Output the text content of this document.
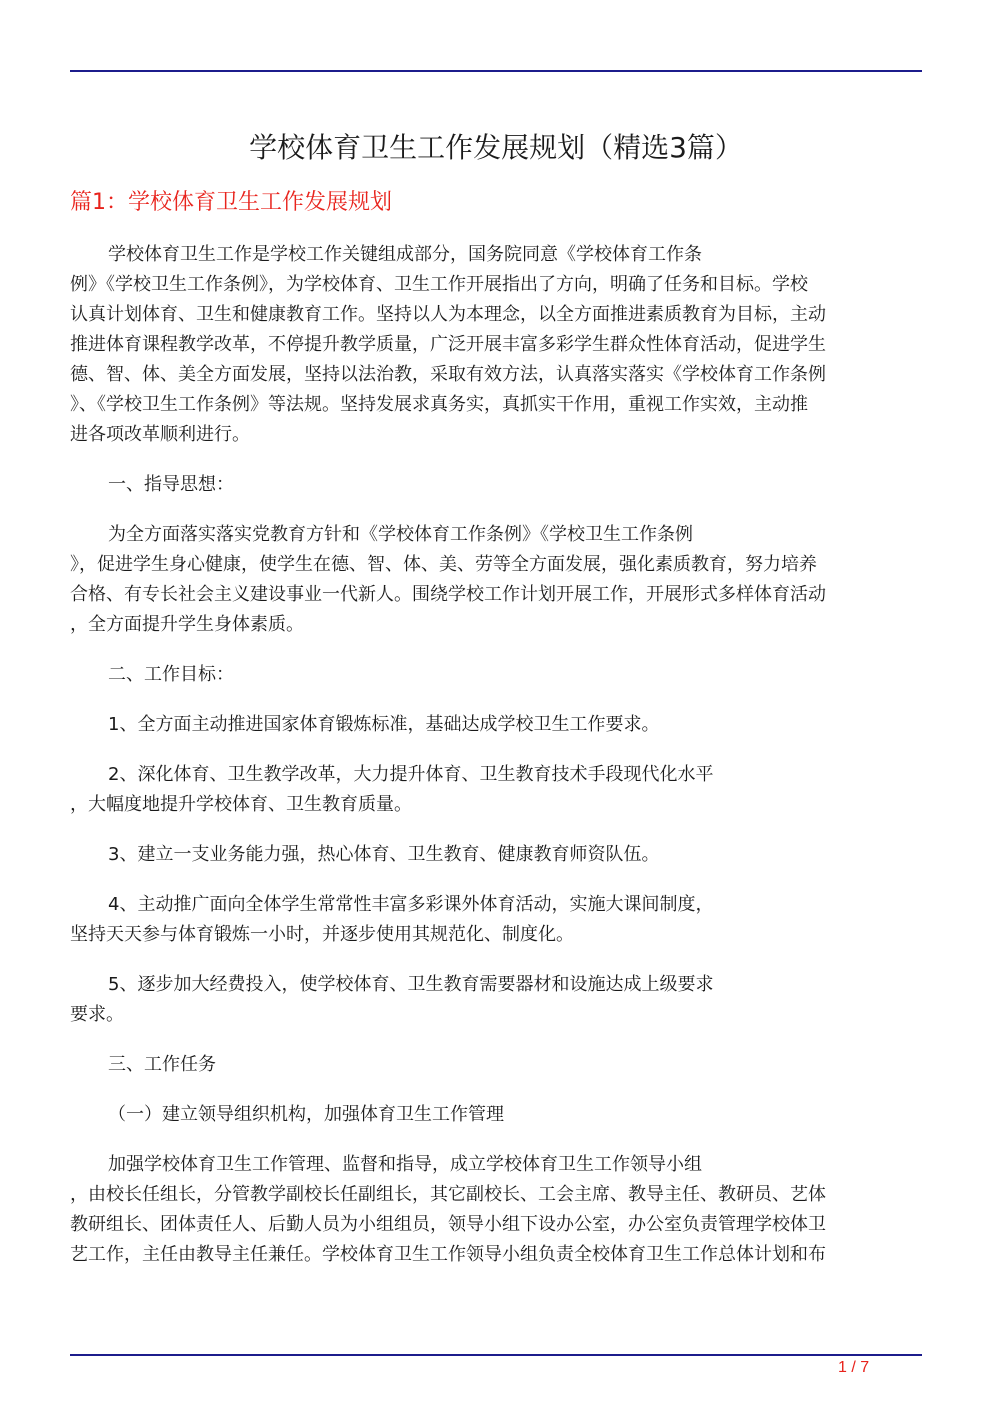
学校体育卫生工作发展规划（精选3篇）
篇1：学校体育卫生工作发展规划

学校体育卫生工作是学校工作关键组成部分，国务院同意《学校体育工作条
例》《学校卫生工作条例》，为学校体育、卫生工作开展指出了方向，明确了任务和目标。学校
认真计划体育、卫生和健康教育工作。坚持以人为本理念，以全方面推进素质教育为目标，主动
推进体育课程教学改革，不停提升教学质量，广泛开展丰富多彩学生群众性体育活动，促进学生
德、智、体、美全方面发展，坚持以法治教，采取有效方法，认真落实落实《学校体育工作条例
》、《学校卫生工作条例》等法规。坚持发展求真务实，真抓实干作用，重视工作实效，主动推
进各项改革顺利进行。

一、指导思想：

为全方面落实落实党教育方针和《学校体育工作条例》《学校卫生工作条例
》，促进学生身心健康，使学生在德、智、体、美、劳等全方面发展，强化素质教育，努力培养
合格、有专长社会主义建设事业一代新人。围绕学校工作计划开展工作，开展形式多样体育活动
，全方面提升学生身体素质。

二、工作目标：

1、全方面主动推进国家体育锻炼标准，基础达成学校卫生工作要求。

2、深化体育、卫生教学改革，大力提升体育、卫生教育技术手段现代化水平
，大幅度地提升学校体育、卫生教育质量。

3、建立一支业务能力强，热心体育、卫生教育、健康教育师资队伍。

4、主动推广面向全体学生常常性丰富多彩课外体育活动，实施大课间制度，
坚持天天参与体育锻炼一小时，并逐步使用其规范化、制度化。

5、逐步加大经费投入，使学校体育、卫生教育需要器材和设施达成上级要求
要求。

三、工作任务

（一）建立领导组织机构，加强体育卫生工作管理

加强学校体育卫生工作管理、监督和指导，成立学校体育卫生工作领导小组
，由校长任组长，分管教学副校长任副组长，其它副校长、工会主席、教导主任、教研员、艺体
教研组长、团体责任人、后勤人员为小组组员，领导小组下设办公室，办公室负责管理学校体卫
艺工作，主任由教导主任兼任。学校体育卫生工作领导小组负责全校体育卫生工作总体计划和布

1 / 7
